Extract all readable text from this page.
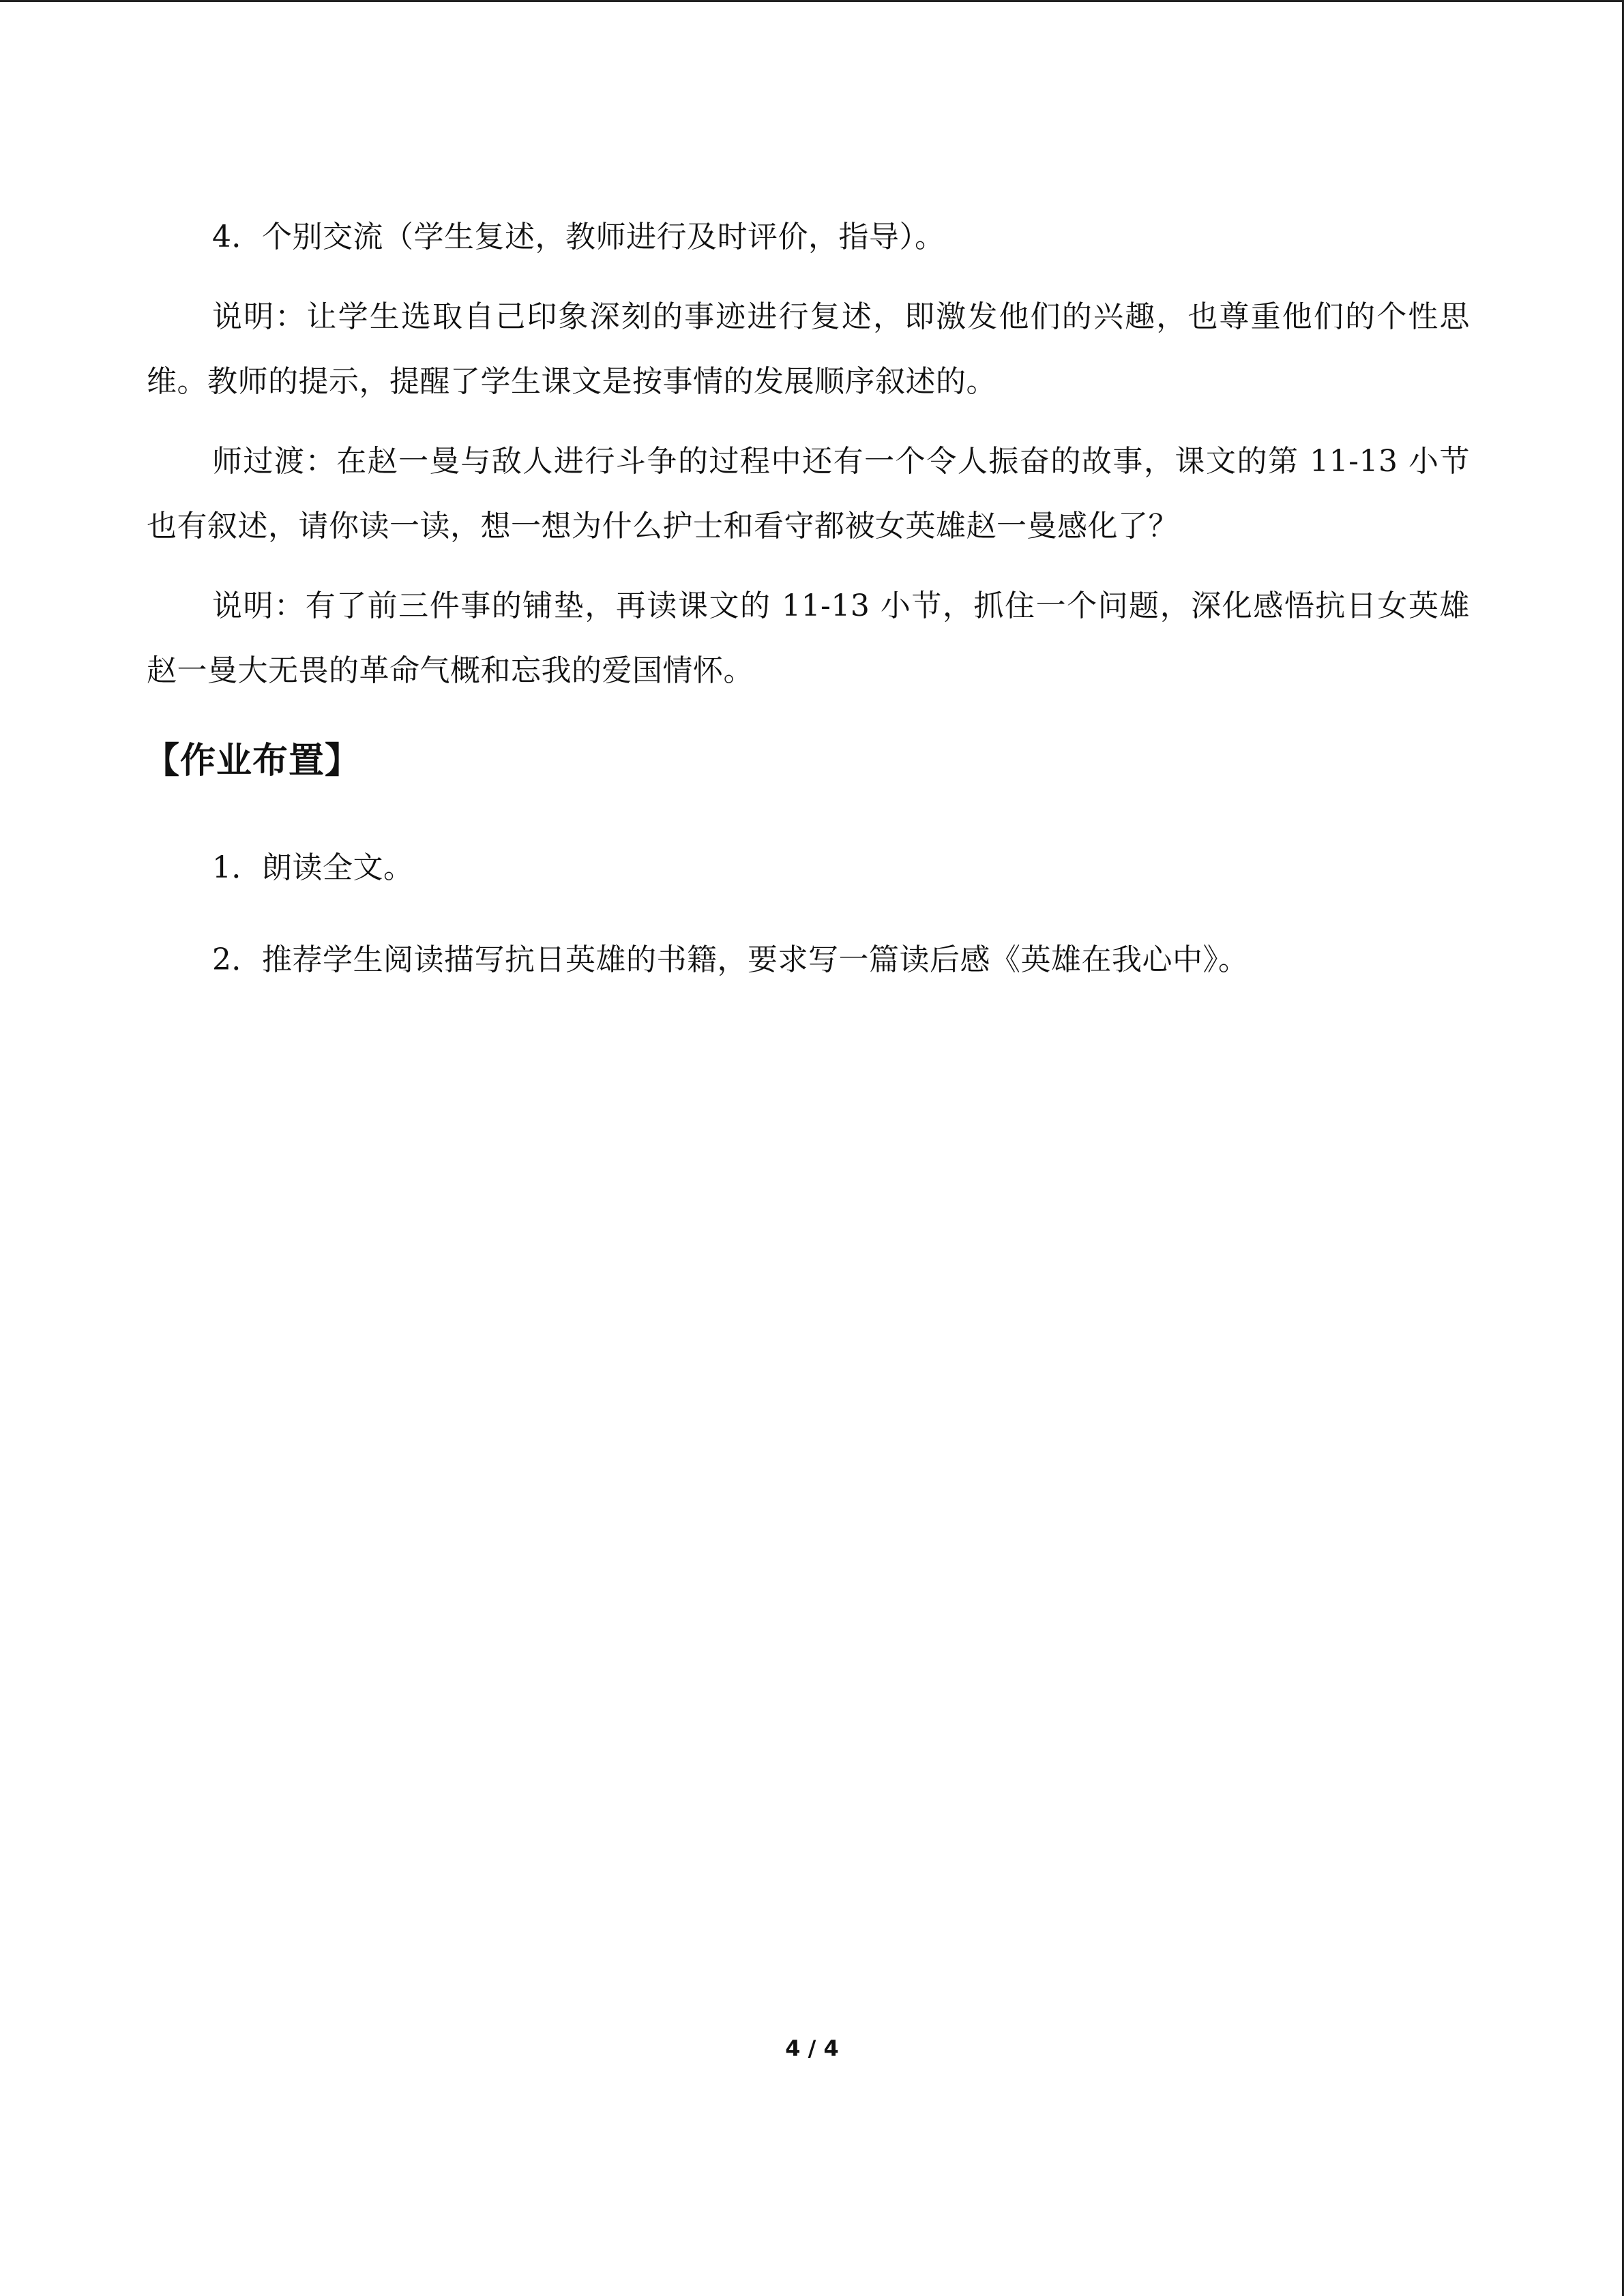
4．个别交流（学生复述，教师进行及时评价，指导）。

说明：让学生选取自己印象深刻的事迹进行复述，即激发他们的兴趣，也尊重他们的个性思维。教师的提示，提醒了学生课文是按事情的发展顺序叙述的。

师过渡：在赵一曼与敌人进行斗争的过程中还有一个令人振奋的故事，课文的第 11-13 小节也有叙述，请你读一读，想一想为什么护士和看守都被女英雄赵一曼感化了？

说明：有了前三件事的铺垫，再读课文的 11-13 小节，抓住一个问题，深化感悟抗日女英雄赵一曼大无畏的革命气概和忘我的爱国情怀。

【作业布置】

1．朗读全文。

2．推荐学生阅读描写抗日英雄的书籍，要求写一篇读后感《英雄在我心中》。

4 / 4
